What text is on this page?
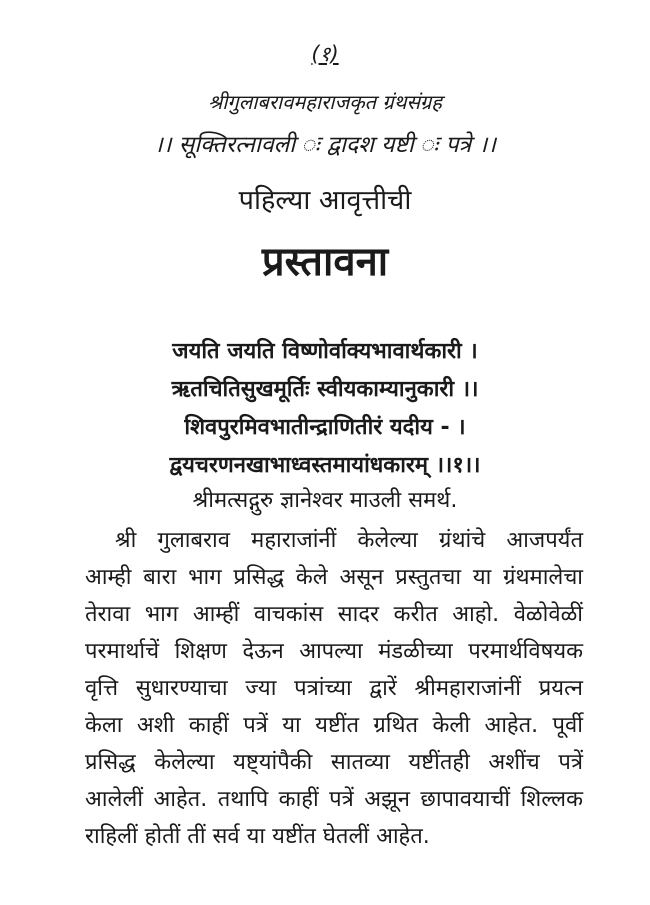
(१)
श्रीगुलाबरावमहाराजकृत ग्रंथसंग्रह
।। सूक्तिरत्नावली ः द्वादश यष्टी ः पत्रे ।।
पहिल्या आवृत्तीची
प्रस्तावना
जयति जयति विष्णोर्वाक्यभावार्थकारी ।
ऋतचितिसुखमूर्तिः स्वीयकाम्यानुकारी ।।
शिवपुरमिवभातीन्द्राणितीरं यदीय - ।
द्वयचरणनखाभाध्वस्तमायांधकारम् ।।१।।
श्रीमत्सद्गुरु ज्ञानेश्वर माउली समर्थ.
श्री गुलाबराव महाराजांनीं केलेल्या ग्रंथांचे आजपर्यंत
आम्ही बारा भाग प्रसिद्ध केले असून प्रस्तुतचा या ग्रंथमालेचा
तेरावा भाग आम्हीं वाचकांस सादर करीत आहो. वेळोवेळीं
परमार्थाचें शिक्षण देऊन आपल्या मंडळीच्या परमार्थविषयक
वृत्ति सुधारण्याचा ज्या पत्रांच्या द्वारें श्रीमहाराजांनीं प्रयत्न
केला अशी काहीं पत्रें या यष्टींत ग्रथित केली आहेत. पूर्वी
प्रसिद्ध केलेल्या यष्ट्यांपैकी सातव्या यष्टींतही अशींच पत्रें
आलेलीं आहेत. तथापि काहीं पत्रें अझून छापावयाचीं शिल्लक
राहिलीं होतीं तीं सर्व या यष्टींत घेतलीं आहेत.
